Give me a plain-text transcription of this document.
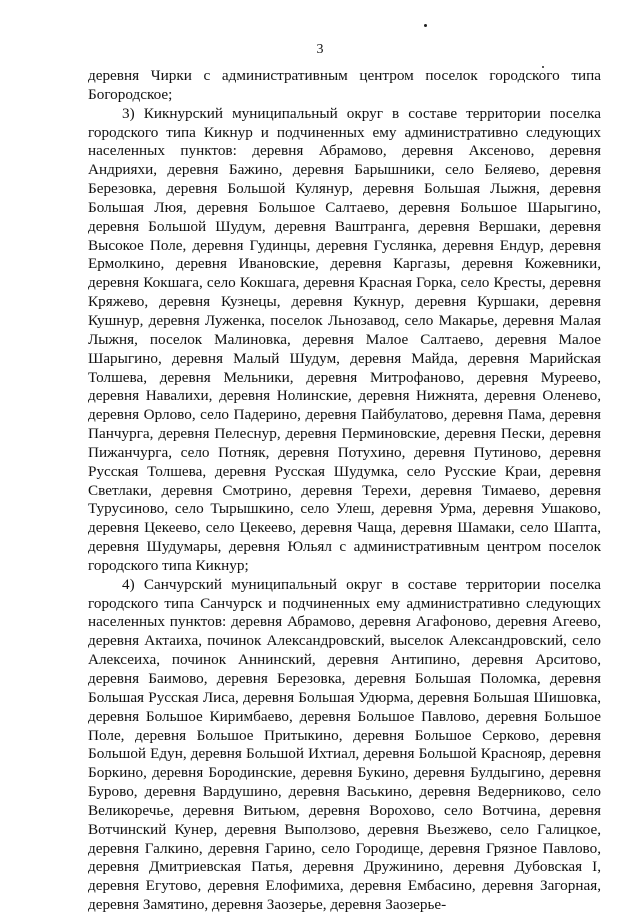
3

деревня Чирки с административным центром поселок городского типа Богородское;

3) Кикнурский муниципальный округ в составе территории поселка городского типа Кикнур и подчиненных ему административно следующих населенных пунктов: деревня Абрамово, деревня Аксеново, деревня Андрияхи, деревня Бажино, деревня Барышники, село Беляево, деревня Березовка, деревня Большой Кулянур, деревня Большая Лыжня, деревня Большая Люя, деревня Большое Салтаево, деревня Большое Шарыгино, деревня Большой Шудум, деревня Ваштранга, деревня Вершаки, деревня Высокое Поле, деревня Гудинцы, деревня Гуслянка, деревня Ендур, деревня Ермолкино, деревня Ивановские, деревня Каргазы, деревня Кожевники, деревня Кокшага, село Кокшага, деревня Красная Горка, село Кресты, деревня Кряжево, деревня Кузнецы, деревня Кукнур, деревня Куршаки, деревня Кушнур, деревня Луженка, поселок Льнозавод, село Макарье, деревня Малая Лыжня, поселок Малиновка, деревня Малое Салтаево, деревня Малое Шарыгино, деревня Малый Шудум, деревня Майда, деревня Марийская Толшева, деревня Мельники, деревня Митрофаново, деревня Муреево, деревня Навалихи, деревня Нолинские, деревня Нижнята, деревня Оленево, деревня Орлово, село Падерино, деревня Пайбулатово, деревня Пама, деревня Панчурга, деревня Пелеснур, деревня Перминовские, деревня Пески, деревня Пижанчурга, село Потняк, деревня Потухино, деревня Путиново, деревня Русская Толшева, деревня Русская Шудумка, село Русские Краи, деревня Светлаки, деревня Смотрино, деревня Терехи, деревня Тимаево, деревня Турусиново, село Тырышкино, село Улеш, деревня Урма, деревня Ушаково, деревня Цекеево, село Цекеево, деревня Чаща, деревня Шамаки, село Шапта, деревня Шудумары, деревня Юльял с административным центром поселок городского типа Кикнур;

4) Санчурский муниципальный округ в составе территории поселка городского типа Санчурск и подчиненных ему административно следующих населенных пунктов: деревня Абрамово, деревня Агафоново, деревня Агеево, деревня Актаиха, починок Александровский, выселок Александровский, село Алексеиха, починок Аннинский, деревня Антипино, деревня Арситово, деревня Баимово, деревня Березовка, деревня Большая Поломка, деревня Большая Русская Лиса, деревня Большая Удюрма, деревня Большая Шишовка, деревня Большое Киримбаево, деревня Большое Павлово, деревня Большое Поле, деревня Большое Притыкино, деревня Большое Серково, деревня Большой Едун, деревня Большой Ихтиал, деревня Большой Краснояр, деревня Боркино, деревня Бородинские, деревня Букино, деревня Булдыгино, деревня Бурово, деревня Вардушино, деревня Васькино, деревня Ведерниково, село Великоречье, деревня Витьюм, деревня Ворохово, село Вотчина, деревня Вотчинский Кунер, деревня Выползово, деревня Вьезжево, село Галицкое, деревня Галкино, деревня Гарино, село Городище, деревня Грязное Павлово, деревня Дмитриевская Патья, деревня Дружинино, деревня Дубовская I, деревня Егутово, деревня Елофимиха, деревня Ембасино, деревня Загорная, деревня Замятино, деревня Заозерье, деревня Заозерье-
